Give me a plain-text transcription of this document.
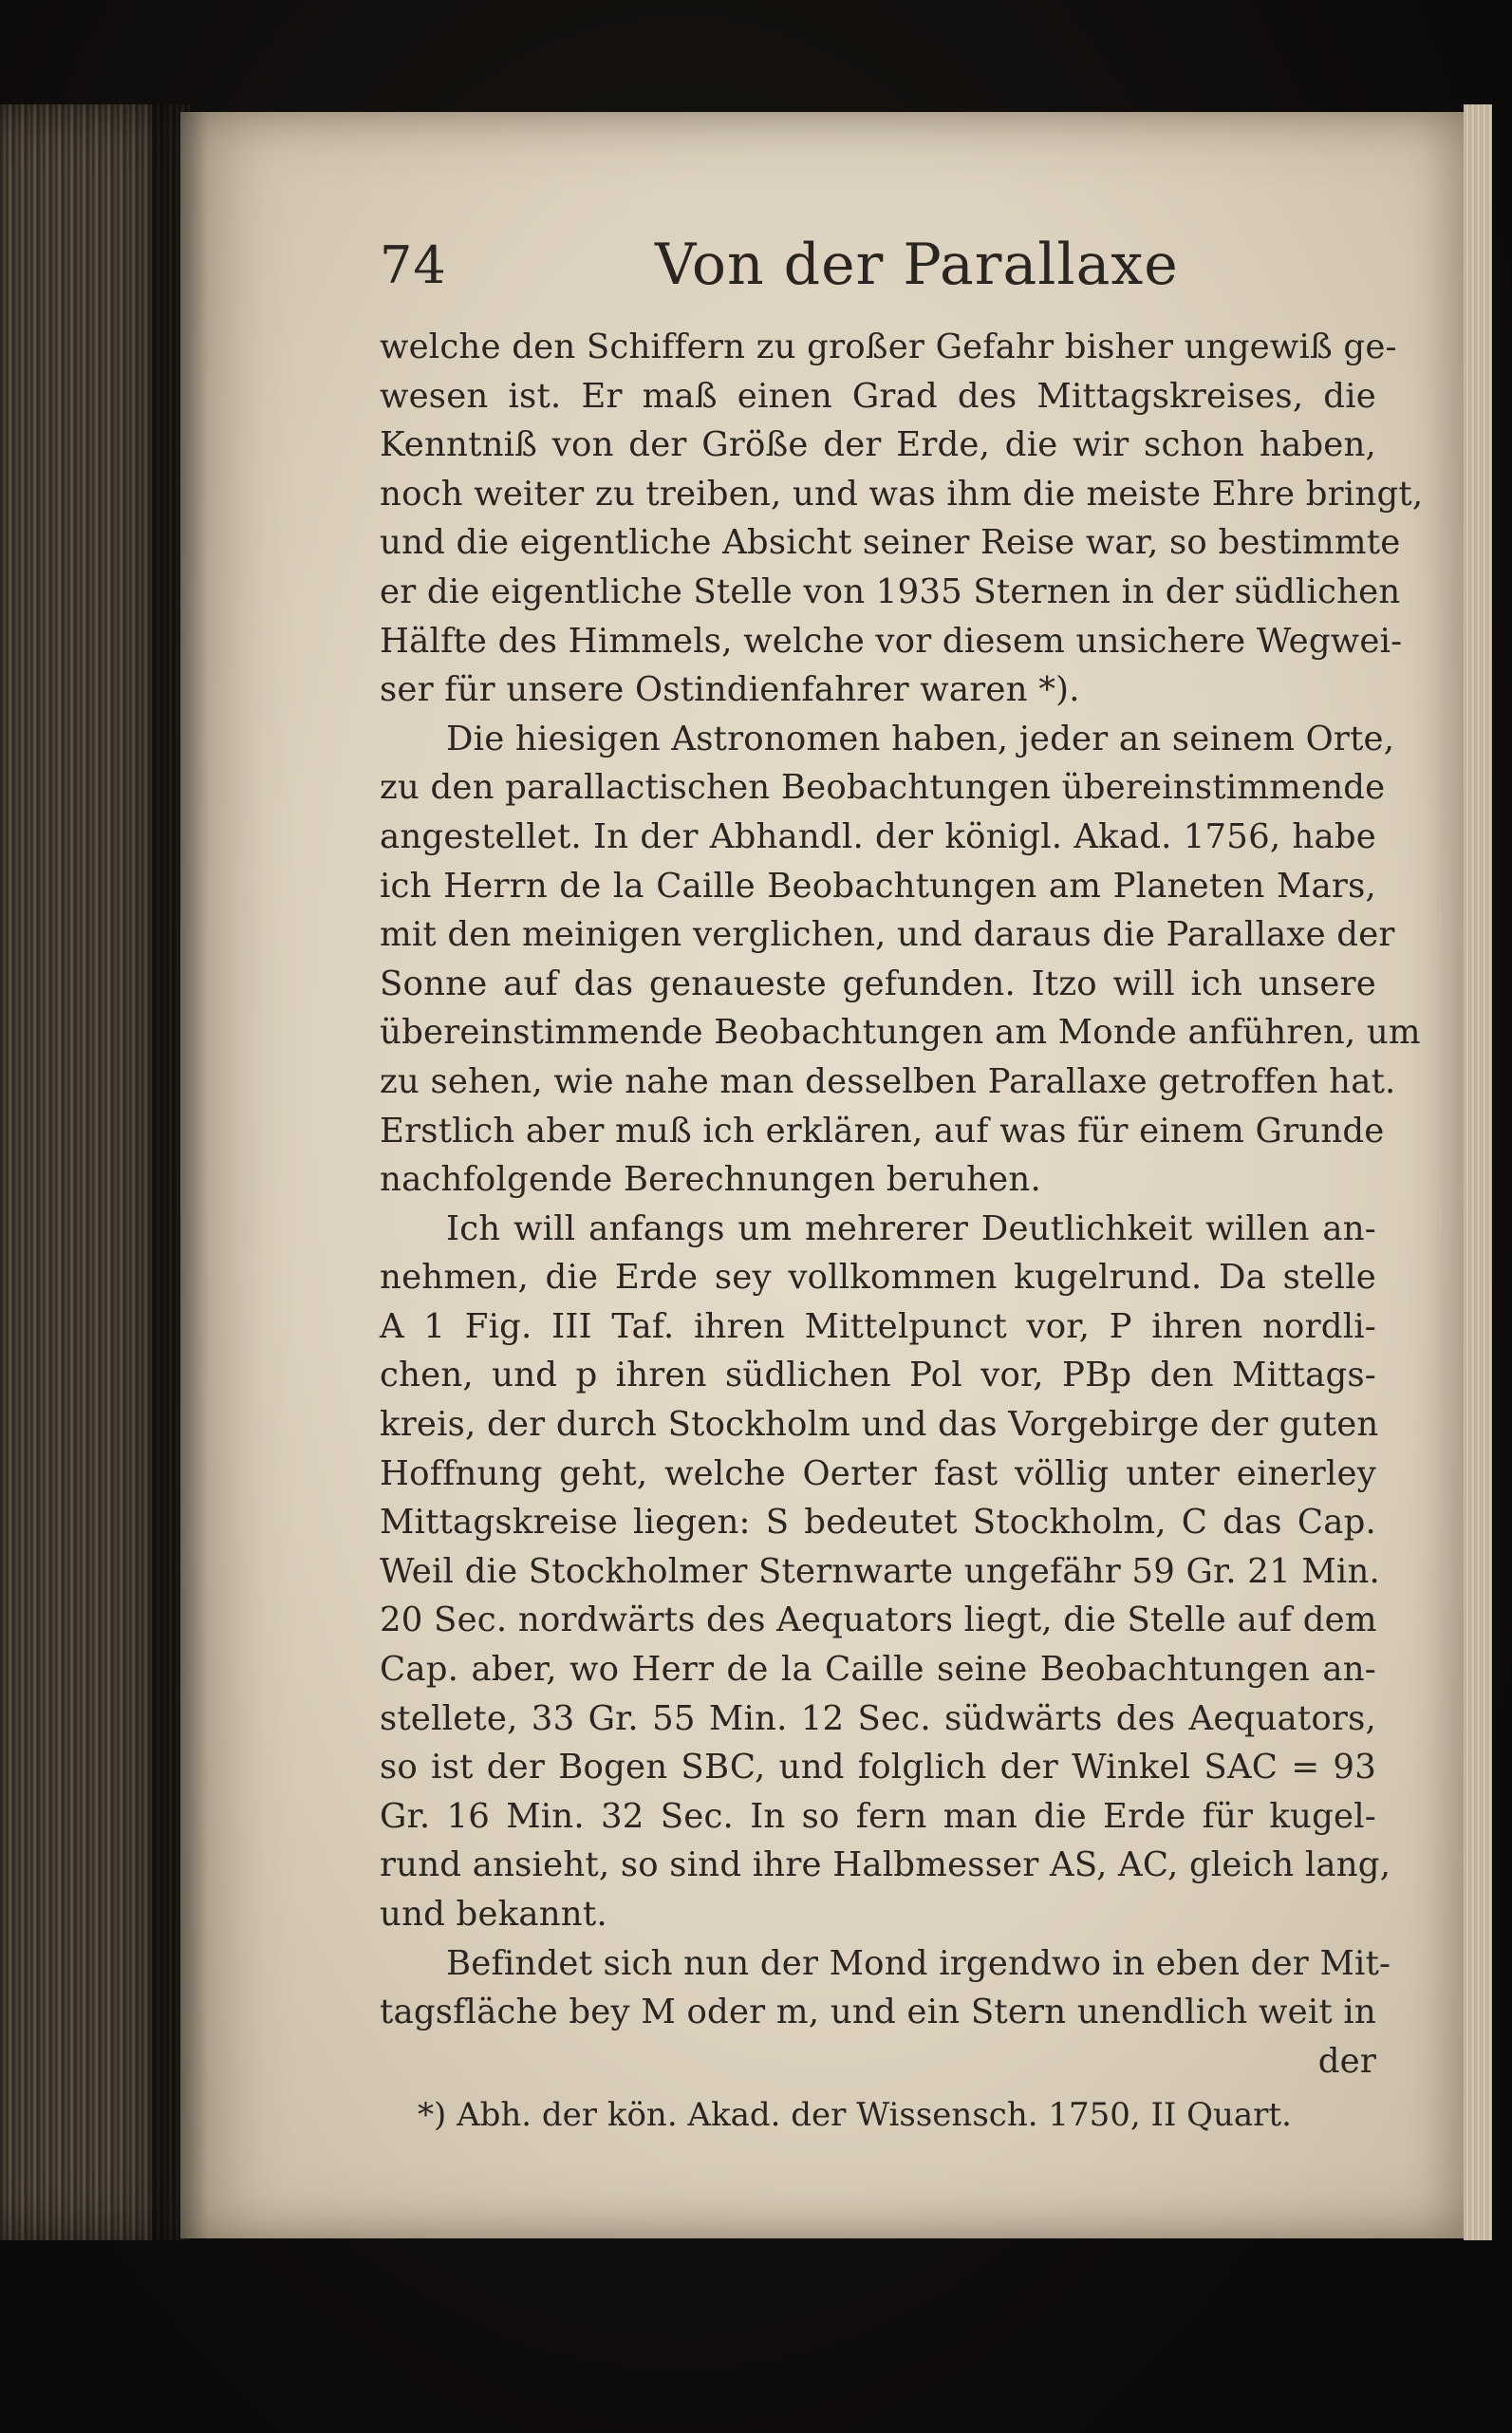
74	Von der Parallaxe
welche den Schiffern zu großer Gefahr bisher ungewiß ge-
wesen ist. Er maß einen Grad des Mittagskreises, die
Kenntniß von der Größe der Erde, die wir schon haben,
noch weiter zu treiben, und was ihm die meiste Ehre bringt,
und die eigentliche Absicht seiner Reise war, so bestimmte
er die eigentliche Stelle von 1935 Sternen in der südlichen
Hälfte des Himmels, welche vor diesem unsichere Wegwei-
ser für unsere Ostindienfahrer waren *).
Die hiesigen Astronomen haben, jeder an seinem Orte,
zu den parallactischen Beobachtungen übereinstimmende
angestellet. In der Abhandl. der königl. Akad. 1756, habe
ich Herrn de la Caille Beobachtungen am Planeten Mars,
mit den meinigen verglichen, und daraus die Parallaxe der
Sonne auf das genaueste gefunden. Itzo will ich unsere
übereinstimmende Beobachtungen am Monde anführen, um
zu sehen, wie nahe man desselben Parallaxe getroffen hat.
Erstlich aber muß ich erklären, auf was für einem Grunde
nachfolgende Berechnungen beruhen.
Ich will anfangs um mehrerer Deutlichkeit willen an-
nehmen, die Erde sey vollkommen kugelrund. Da stelle
A 1 Fig. III Taf. ihren Mittelpunct vor, P ihren nordli-
chen, und p ihren südlichen Pol vor, PBp den Mittags-
kreis, der durch Stockholm und das Vorgebirge der guten
Hoffnung geht, welche Oerter fast völlig unter einerley
Mittagskreise liegen: S bedeutet Stockholm, C das Cap.
Weil die Stockholmer Sternwarte ungefähr 59 Gr. 21 Min.
20 Sec. nordwärts des Aequators liegt, die Stelle auf dem
Cap. aber, wo Herr de la Caille seine Beobachtungen an-
stellete, 33 Gr. 55 Min. 12 Sec. südwärts des Aequators,
so ist der Bogen SBC, und folglich der Winkel SAC = 93
Gr. 16 Min. 32 Sec. In so fern man die Erde für kugel-
rund ansieht, so sind ihre Halbmesser AS, AC, gleich lang,
und bekannt.
Befindet sich nun der Mond irgendwo in eben der Mit-
tagsfläche bey M oder m, und ein Stern unendlich weit in
der
*) Abh. der kön. Akad. der Wissensch. 1750, II Quart.
